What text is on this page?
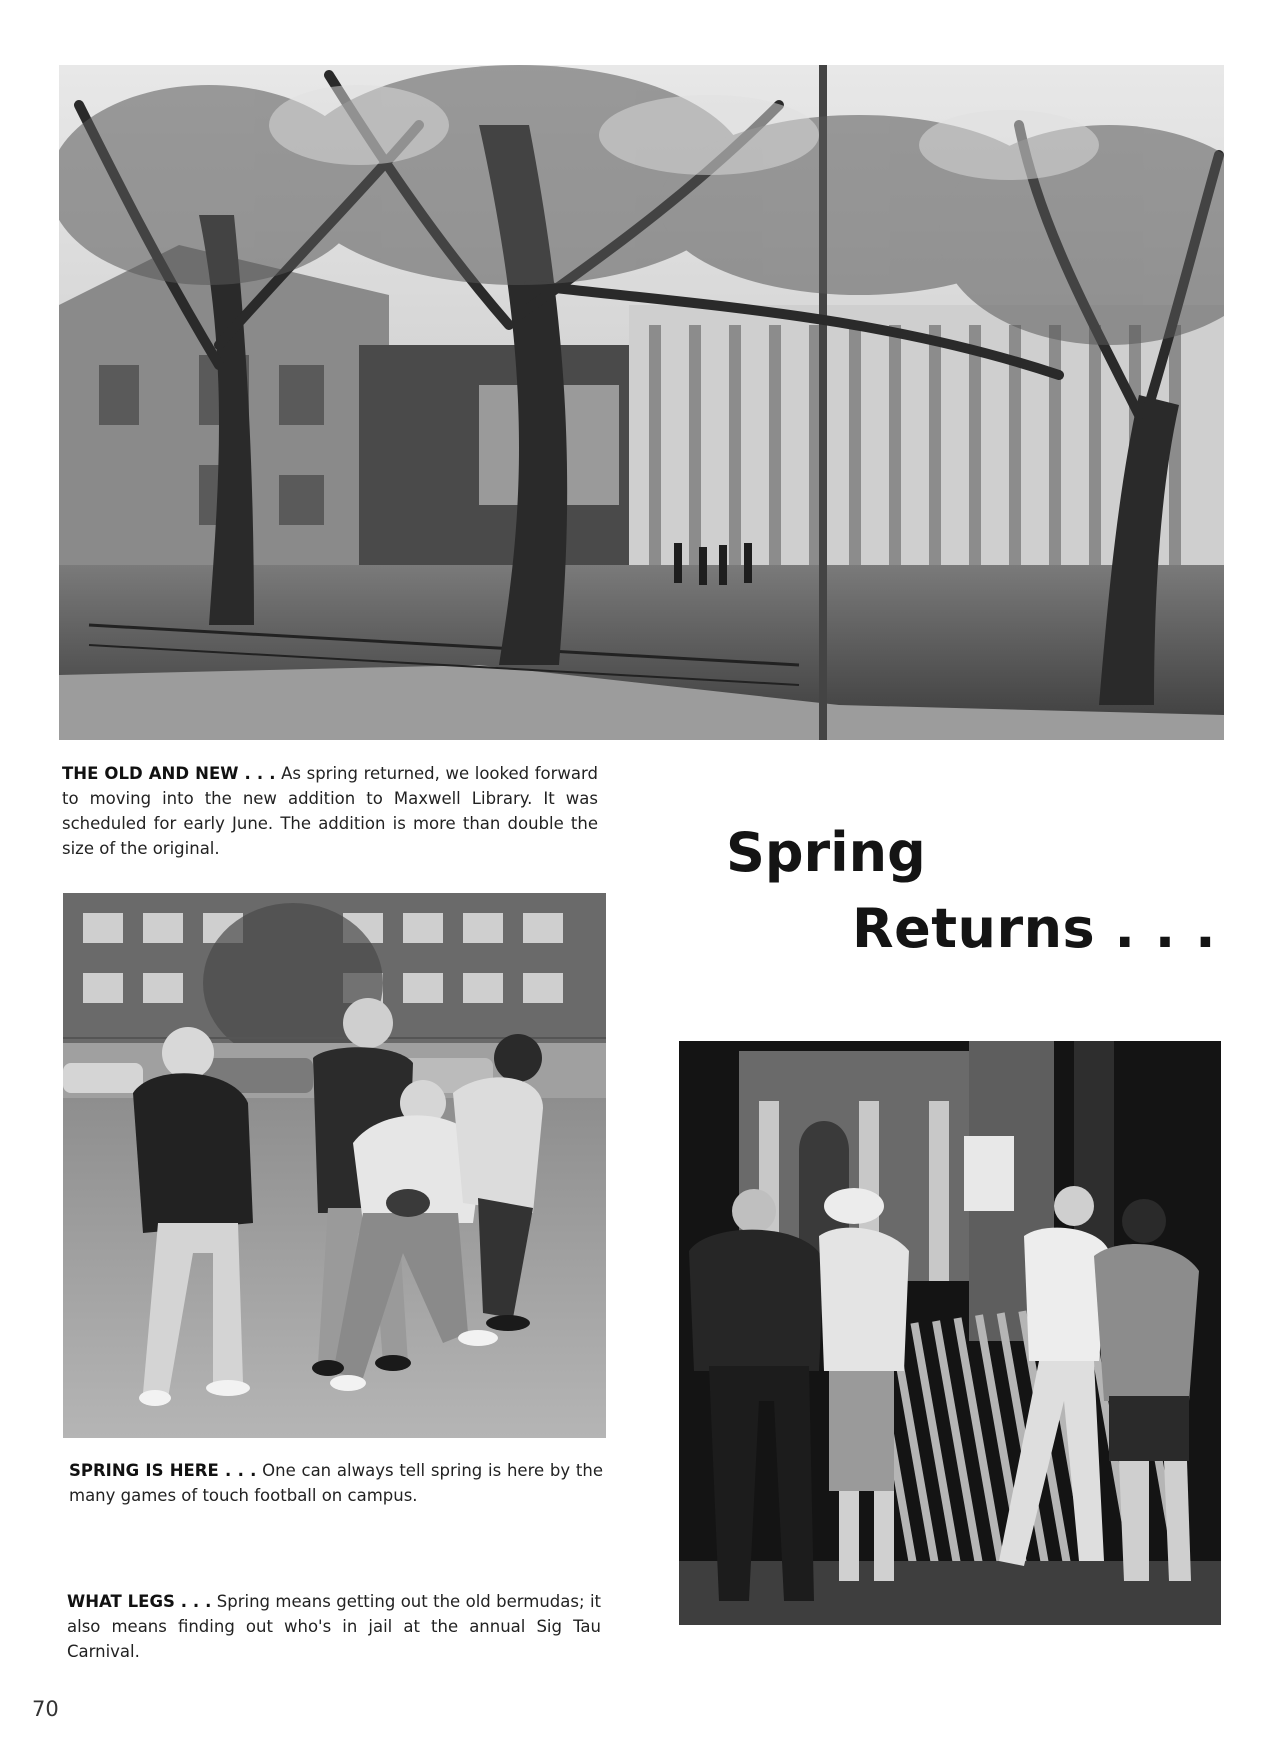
THE OLD AND NEW . . . As spring returned, we looked forward to moving into the new addition to Maxwell Library. It was scheduled for early June. The addition is more than double the size of the original.	Spring
Returns . . .
SPRING IS HERE . . . One can always tell spring is here by the many games of touch football on campus.
WHAT LEGS . . . Spring means getting out the old bermudas; it also means finding out who's in jail at the annual Sig Tau Carnival.
70
